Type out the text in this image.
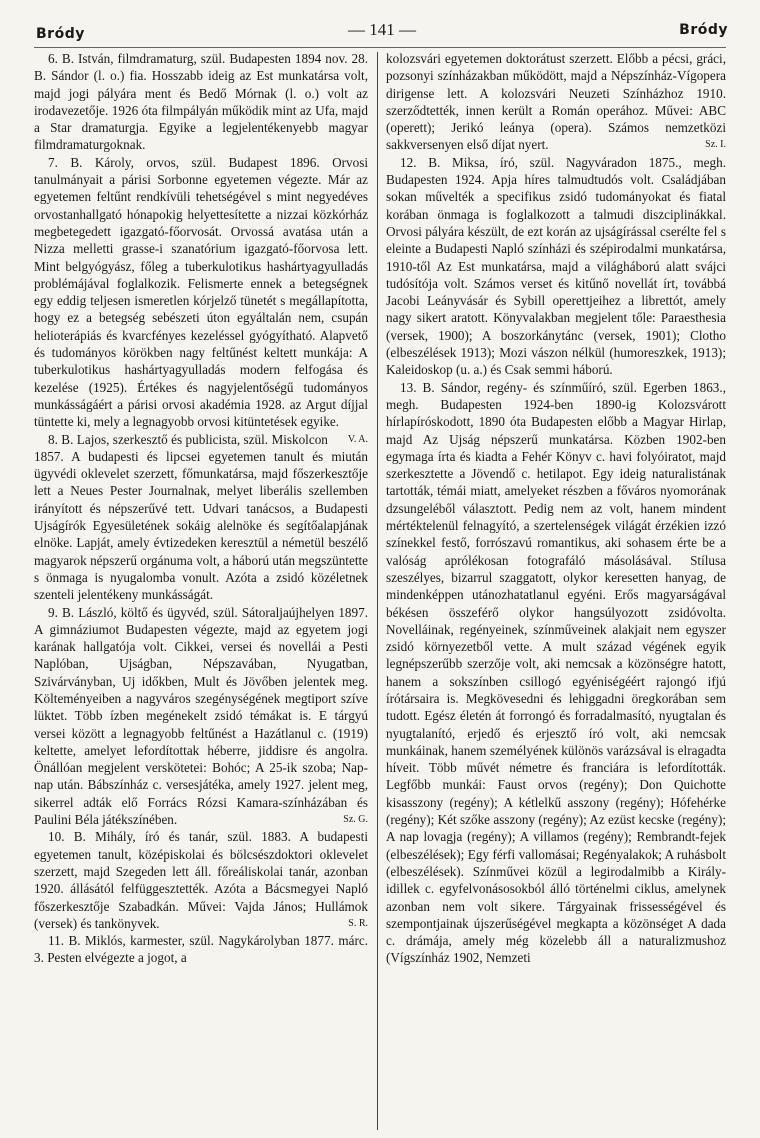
Bródy	— 141 —	Bródy

6. B. István, filmdramaturg, szül. Budapesten 1894 nov. 28. B. Sándor (l. o.) fia. Hosszabb ideig az Est munkatársa volt, majd jogi pályára ment és Bedő Mórnak (l. o.) volt az irodavezetője. 1926 óta filmpályán működik mint az Ufa, majd a Star dramaturgja. Egyike a legjelentékenyebb magyar filmdramaturgoknak.

7. B. Károly, orvos, szül. Budapest 1896. Orvosi tanulmányait a párisi Sorbonne egyetemen végezte. Már az egyetemen feltűnt rendkívüli tehetségével s mint negyedéves orvostanhallgató hónapokig helyettesítette a nizzai közkórház megbetegedett igazgató-főorvosát. Orvossá avatása után a Nizza melletti grasse-i szanatórium igazgató-főorvosa lett. Mint belgyógyász, főleg a tuberkulotikus hashártyagyulladás problémájával foglalkozik. Felismerte ennek a betegségnek egy eddig teljesen ismeretlen kórjelző tünetét s megállapította, hogy ez a betegség sebészeti úton egyáltalán nem, csupán helioterápiás és kvarcfényes kezeléssel gyógyítható. Alapvető és tudományos körökben nagy feltűnést keltett munkája: A tuberkulotikus hashártyagyulladás modern felfogása és kezelése (1925). Értékes és nagyjelentőségű tudományos munkásságáért a párisi orvosi akadémia 1928. az Argut díjjal tüntette ki, mely a legnagyobb orvosi kitüntetések egyike.
V. A.

8. B. Lajos, szerkesztő és publicista, szül. Miskolcon 1857. A budapesti és lipcsei egyetemen tanult és miután ügyvédi oklevelet szerzett, főmunkatársa, majd főszerkesztője lett a Neues Pester Journalnak, melyet liberális szellemben irányított és népszerűvé tett. Udvari tanácsos, a Budapesti Ujságírók Egyesületének sokáig alelnöke és segítőalapjának elnöke. Lapját, amely évtizedeken keresztül a németül beszélő magyarok népszerű orgánuma volt, a háború után megszüntette s önmaga is nyugalomba vonult. Azóta a zsidó közéletnek szenteli jelentékeny munkásságát.

9. B. László, költő és ügyvéd, szül. Sátoraljaújhelyen 1897. A gimnáziumot Budapesten végezte, majd az egyetem jogi karának hallgatója volt. Cikkei, versei és novellái a Pesti Naplóban, Ujságban, Népszavában, Nyugatban, Szivárványban, Uj időkben, Mult és Jövőben jelentek meg. Költeményeiben a nagyváros szegénységének megtiport szíve lüktet. Több ízben megénekelt zsidó témákat is. E tárgyú versei között a legnagyobb feltűnést a Hazátlanul c. (1919) keltette, amelyet lefordítottak héberre, jiddisre és angolra. Önállóan megjelent verskötetei: Bohóc; A 25-ik szoba; Nap-nap után. Bábszínház c. versesjátéka, amely 1927. jelent meg, sikerrel adták elő Forrács Rózsi Kamara-színházában és Paulini Béla játékszínében.	Sz. G.

10. B. Mihály, író és tanár, szül. 1883. A budapesti egyetemen tanult, középiskolai és bölcsészdoktori oklevelet szerzett, majd Szegeden lett áll. főreáliskolai tanár, azonban 1920. állásától felfüggesztették. Azóta a Bácsmegyei Napló főszerkesztője Szabadkán. Művei: Vajda János; Hullámok (versek) és tankönyvek.	S. R.

11. B. Miklós, karmester, szül. Nagykárolyban 1877. márc. 3. Pesten elvégezte a jogot, a

kolozsvári egyetemen doktorátust szerzett. Előbb a pécsi, gráci, pozsonyi színházakban működött, majd a Népszínház-Vígopera dirigense lett. A kolozsvári Neuzeti Színházhoz 1910. szerződtették, innen került a Román operához. Művei: ABC (operett); Jerikó leánya (opera). Számos nemzetközi sakkversenyen első díjat nyert.	Sz. I.

12. B. Miksa, író, szül. Nagyváradon 1875., megh. Budapesten 1924. Apja híres talmudtudós volt. Családjában sokan művelték a specifikus zsidó tudományokat és fiatal korában önmaga is foglalkozott a talmudi diszciplinákkal. Orvosi pályára készült, de ezt korán az ujságírással cserélte fel s eleinte a Budapesti Napló színházi és szépirodalmi munkatársa, 1910-től Az Est munkatársa, majd a világháború alatt svájci tudósítója volt. Számos verset és kitűnő novellát írt, továbbá Jacobi Leányvásár és Sybill operettjeihez a librettót, amely nagy sikert aratott. Könyvalakban megjelent tőle: Paraesthesia (versek, 1900); A boszorkánytánc (versek, 1901); Clotho (elbeszélések 1913); Mozi vászon nélkül (humoreszkek, 1913); Kaleidoskop (u. a.) és Csak semmi háború.

13. B. Sándor, regény- és színműíró, szül. Egerben 1863., megh. Budapesten 1924-ben 1890-ig Kolozsvárott hírlapíróskodott, 1890 óta Budapesten előbb a Magyar Hirlap, majd Az Ujság népszerű munkatársa. Közben 1902-ben egymaga írta és kiadta a Fehér Könyv c. havi folyóiratot, majd szerkesztette a Jövendő c. hetilapot. Egy ideig naturalistának tartották, témái miatt, amelyeket részben a főváros nyomorának dzsungeléből választott. Pedig nem az volt, hanem mindent mértéktelenül felnagyító, a szertelenségek világát érzékien izzó színekkel festő, forrószavú romantikus, aki sohasem érte be a valóság aprólékosan fotografáló másolásával. Stílusa szeszélyes, bizarrul szaggatott, olykor keresetten hanyag, de mindenképpen utánozhatatlanul egyéni. Erős magyarságával békésen összeférő olykor hangsúlyozott zsidóvolta. Novelláinak, regényeinek, színműveinek alakjait nem egyszer zsidó környezetből vette. A mult század végének egyik legnépszerűbb szerzője volt, aki nemcsak a közönségre hatott, hanem a sokszínben csillogó egyéniségéért rajongó ifjú írótársaira is. Megkövesedni és lehiggadni öregkorában sem tudott. Egész életén át forrongó és forradalmasító, nyugtalan és nyugtalanító, erjedő és erjesztő író volt, aki nemcsak munkáinak, hanem személyének különös varázsával is elragadta híveit. Több művét németre és franciára is lefordították. Legfőbb munkái: Faust orvos (regény); Don Quichotte kisasszony (regény); A kétlelkű asszony (regény); Hófehérke (regény); Két szőke asszony (regény); Az ezüst kecske (regény); A nap lovagja (regény); A villamos (regény); Rembrandt-fejek (elbeszélések); Egy férfi vallomásai; Regényalakok; A ruhásbolt (elbeszélések). Színművei közül a legirodalmibb a Király-idillek c. egyfelvonásosokból álló történelmi ciklus, amelynek azonban nem volt sikere. Tárgyainak frissességével és szempontjainak újszerűségével megkapta a közönséget A dada c. drámája, amely még közelebb áll a naturalizmushoz (Vígszínház 1902, Nemzeti
